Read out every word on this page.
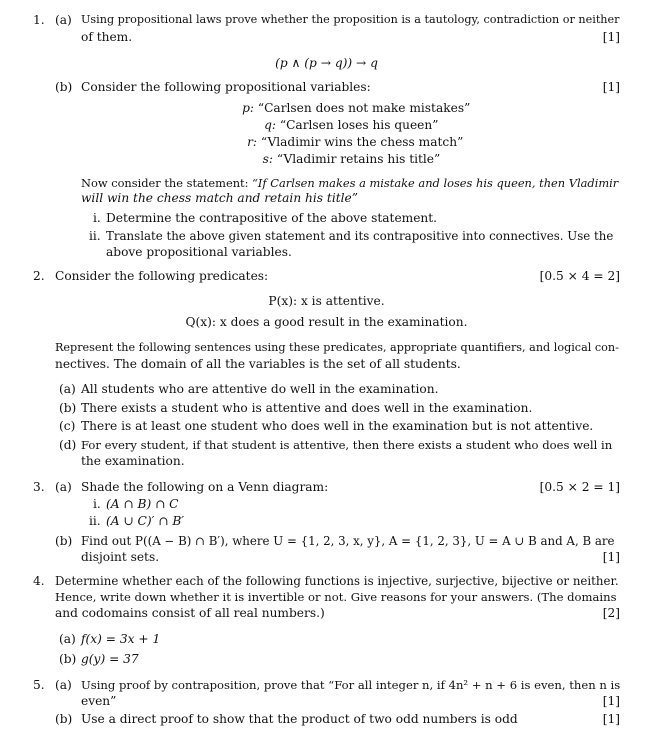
1. (a) Using propositional laws prove whether the proposition is a tautology, contradiction or neither
of them.	[1]
(p ∧ (p → q)) → q
(b) Consider the following propositional variables:	[1]
p: “Carlsen does not make mistakes”
q: “Carlsen loses his queen”
r: “Vladimir wins the chess match”
s: “Vladimir retains his title”
Now consider the statement: “If Carlsen makes a mistake and loses his queen, then Vladimir
will win the chess match and retain his title”
i. Determine the contrapositive of the above statement.
ii. Translate the above given statement and its contrapositive into connectives. Use the
above propositional variables.
2. Consider the following predicates:	[0.5 × 4 = 2]
P(x): x is attentive.
Q(x): x does a good result in the examination.
Represent the following sentences using these predicates, appropriate quantifiers, and logical con-
nectives. The domain of all the variables is the set of all students.
(a) All students who are attentive do well in the examination.
(b) There exists a student who is attentive and does well in the examination.
(c) There is at least one student who does well in the examination but is not attentive.
(d) For every student, if that student is attentive, then there exists a student who does well in
the examination.
3. (a) Shade the following on a Venn diagram:	[0.5 × 2 = 1]
i. (A ∩ B) ∩ C
ii. (A ∪ C)′ ∩ B′
(b) Find out P((A − B) ∩ B′), where U = {1, 2, 3, x, y}, A = {1, 2, 3}, U = A ∪ B and A, B are
disjoint sets.	[1]
4. Determine whether each of the following functions is injective, surjective, bijective or neither.
Hence, write down whether it is invertible or not. Give reasons for your answers. (The domains
and codomains consist of all real numbers.)	[2]
(a) f(x) = 3x + 1
(b) g(y) = 37
5. (a) Using proof by contraposition, prove that “For all integer n, if 4n² + n + 6 is even, then n is
even”	[1]
(b) Use a direct proof to show that the product of two odd numbers is odd	[1]
